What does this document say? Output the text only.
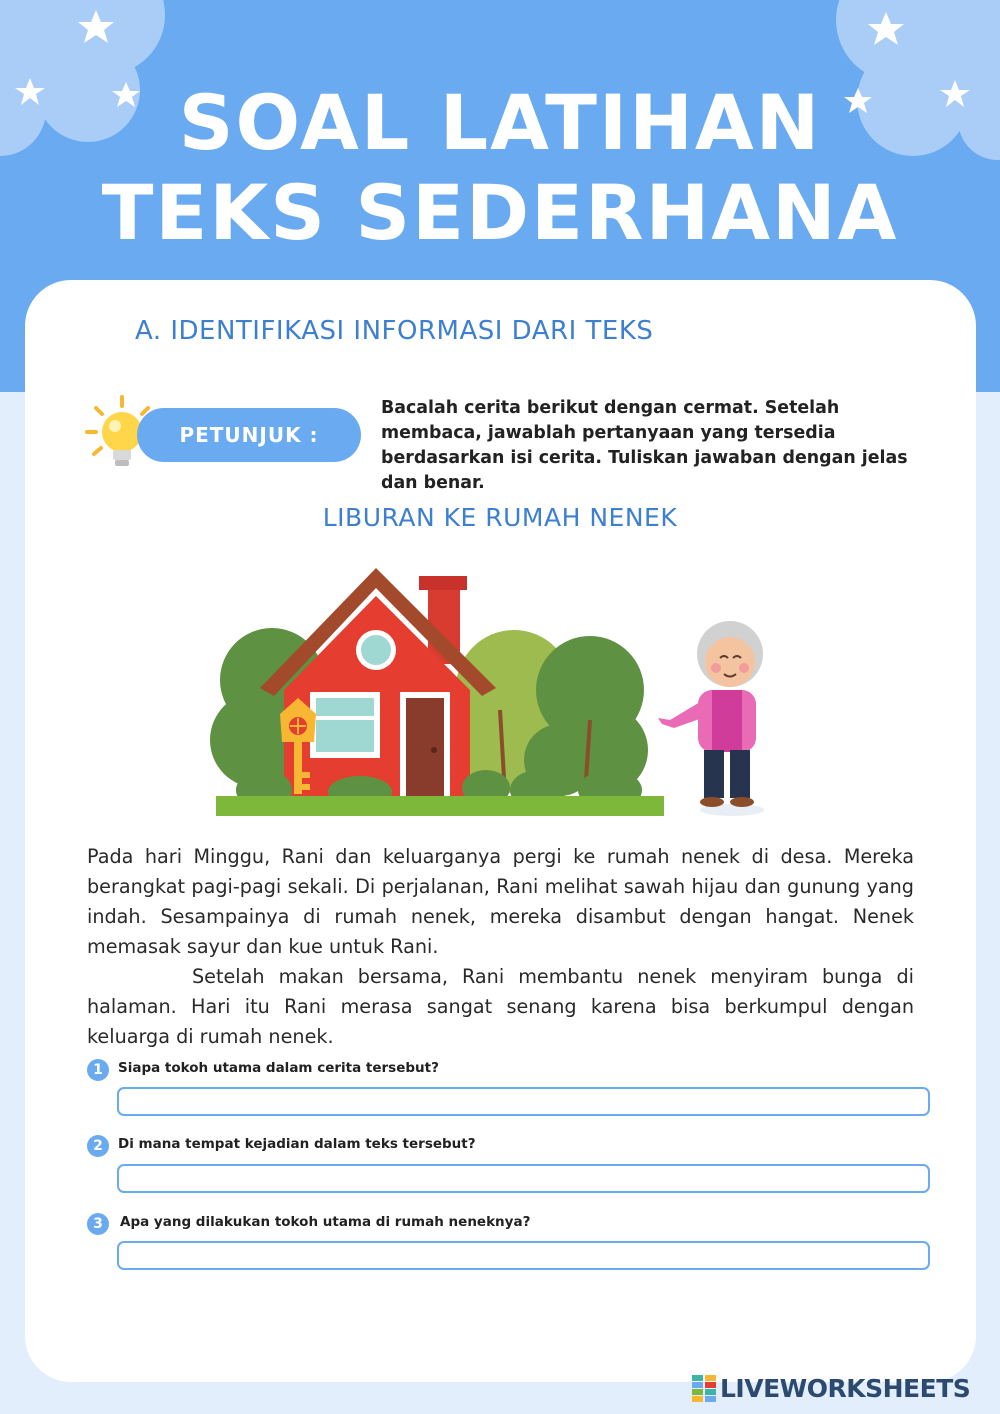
SOAL LATIHAN
TEKS SEDERHANA
A. IDENTIFIKASI INFORMASI DARI TEKS
PETUNJUK :
Bacalah cerita berikut dengan cermat. Setelah membaca, jawablah pertanyaan yang tersedia berdasarkan isi cerita. Tuliskan jawaban dengan jelas dan benar.
LIBURAN KE RUMAH NENEK

Pada hari Minggu, Rani dan keluarganya pergi ke rumah nenek di desa. Mereka berangkat pagi-pagi sekali. Di perjalanan, Rani melihat sawah hijau dan gunung yang indah. Sesampainya di rumah nenek, mereka disambut dengan hangat. Nenek memasak sayur dan kue untuk Rani.

Setelah makan bersama, Rani membantu nenek menyiram bunga di halaman. Hari itu Rani merasa sangat senang karena bisa berkumpul dengan keluarga di rumah nenek.

1	Siapa tokoh utama dalam cerita tersebut?
2	Di mana tempat kejadian dalam teks tersebut?
3	Apa yang dilakukan tokoh utama di rumah neneknya?
LIVEWORKSHEETS
